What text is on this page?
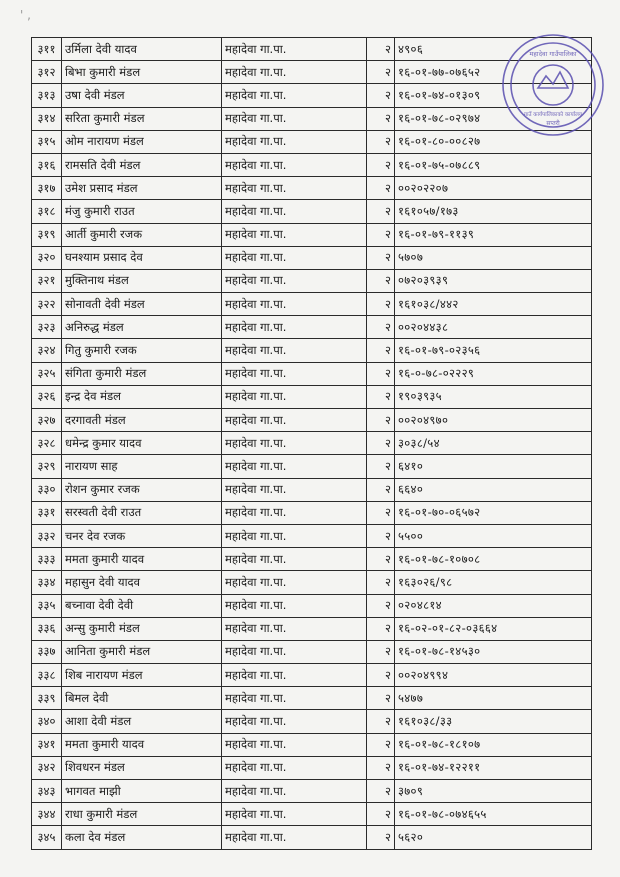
' ,
३११	उर्मिला देवी यादव	महादेवा गा.पा.	२	४९०६
३१२	बिभा कुमारी मंडल	महादेवा गा.पा.	२	१६-०१-७७-०७६५२
३१३	उषा देवी मंडल	महादेवा गा.पा.	२	१६-०१-७४-०१३०९
३१४	सरिता कुमारी मंडल	महादेवा गा.पा.	२	१६-०१-७८-०२९७४
३१५	ओम नारायण मंडल	महादेवा गा.पा.	२	१६-०१-८०-००८२७
३१६	रामसति देवी मंडल	महादेवा गा.पा.	२	१६-०१-७५-०७८८९
३१७	उमेश प्रसाद मंडल	महादेवा गा.पा.	२	००२०२२०७
३१८	मंजु कुमारी राउत	महादेवा गा.पा.	२	१६१०५७/१७३
३१९	आर्ती कुमारी रजक	महादेवा गा.पा.	२	१६-०१-७९-११३९
३२०	घनश्याम प्रसाद देव	महादेवा गा.पा.	२	५७०७
३२१	मुक्तिनाथ मंडल	महादेवा गा.पा.	२	०७२०३९३९
३२२	सोनावती देवी मंडल	महादेवा गा.पा.	२	१६१०३८/४४२
३२३	अनिरुद्ध मंडल	महादेवा गा.पा.	२	००२०४४३८
३२४	गितु कुमारी रजक	महादेवा गा.पा.	२	१६-०१-७९-०२३५६
३२५	संगिता कुमारी मंडल	महादेवा गा.पा.	२	१६-०-७८-०२२२९
३२६	इन्द्र देव मंडल	महादेवा गा.पा.	२	१९०३९३५
३२७	दरगावती मंडल	महादेवा गा.पा.	२	००२०४९७०
३२८	धमेन्द्र कुमार यादव	महादेवा गा.पा.	२	३०३८/५४
३२९	नारायण साह	महादेवा गा.पा.	२	६४१०
३३०	रोशन कुमार रजक	महादेवा गा.पा.	२	६६४०
३३१	सरस्वती देवी राउत	महादेवा गा.पा.	२	१६-०१-७०-०६५७२
३३२	चनर देव रजक	महादेवा गा.पा.	२	५५००
३३३	ममता कुमारी यादव	महादेवा गा.पा.	२	१६-०१-७८-१०७०८
३३४	महासुन देवी यादव	महादेवा गा.पा.	२	१६३०२६/९८
३३५	बच्नावा देवी देवी	महादेवा गा.पा.	२	०२०४८१४
३३६	अन्सु कुमारी मंडल	महादेवा गा.पा.	२	१६-०२-०१-८२-०३६६४
३३७	आनिता कुमारी मंडल	महादेवा गा.पा.	२	१६-०१-७८-१४५३०
३३८	शिब नारायण मंडल	महादेवा गा.पा.	२	००२०४९९४
३३९	बिमल देवी	महादेवा गा.पा.	२	५४७७
३४०	आशा देवी मंडल	महादेवा गा.पा.	२	१६१०३८/३३
३४१	ममता कुमारी यादव	महादेवा गा.पा.	२	१६-०१-७८-१८१०७
३४२	शिवधरन मंडल	महादेवा गा.पा.	२	१६-०१-७४-१२२११
३४३	भागवत माझी	महादेवा गा.पा.	२	३७०९
३४४	राधा कुमारी मंडल	महादेवा गा.पा.	२	१६-०१-७८-०७४६५५
३४५	कला देव मंडल	महादेवा गा.पा.	२	५६२०
महादेवा गाउँपालिका
गाउँ कार्यपालिकाको कार्यालय
सप्तरी
